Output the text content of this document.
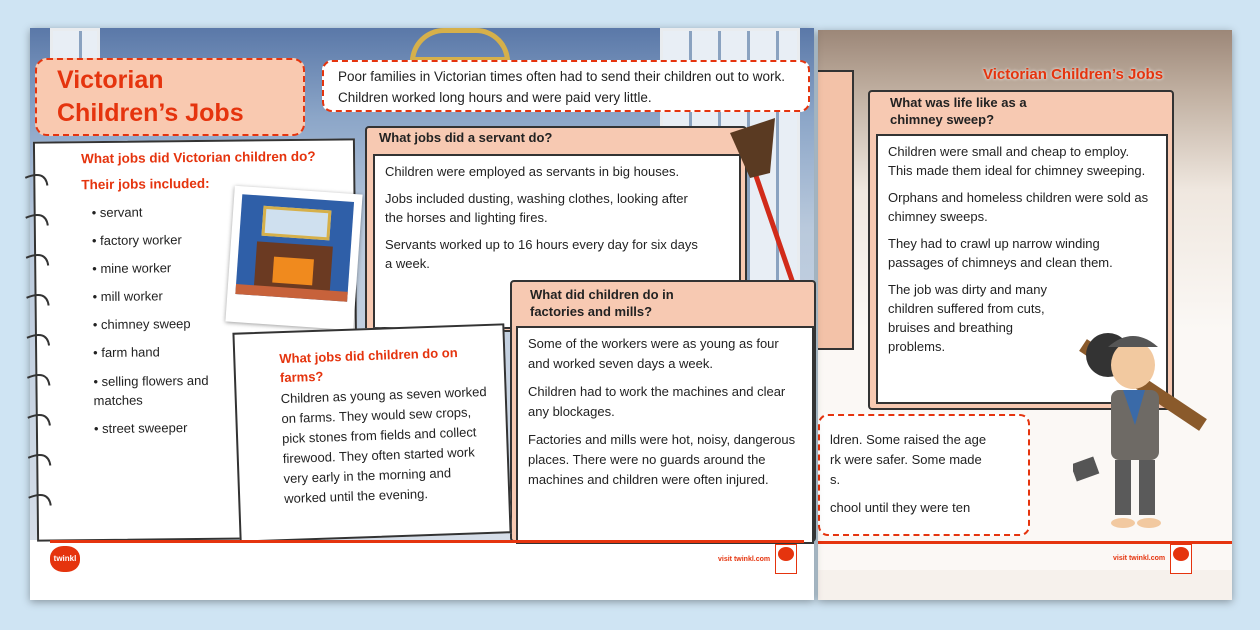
Victorian Children’s Jobs
What was life like as a chimney sweep?

Children were small and cheap to employ. This made them ideal for chimney sweeping.

Orphans and homeless children were sold as chimney sweeps.

They had to crawl up narrow winding passages of chimneys and clean them.

The job was dirty and many children suffered from cuts, bruises and breathing problems.

ldren. Some raised the age
rk were safer. Some made
s.
chool until they were ten
visit twinkl.com
Victorian
Children’s Jobs
Poor families in Victorian times often had to send their children out to work. Children worked long hours and were paid very little.
What jobs did Victorian children do?
Their jobs included:
• servant
• factory worker
• mine worker
• mill worker
• chimney sweep
• farm hand
• selling flowers and matches
• street sweeper
What jobs did a servant do?

Children were employed as servants in big houses.

Jobs included dusting, washing clothes, looking after the horses and lighting fires.

Servants worked up to 16 hours every day for six days a week.

What did children do in factories and mills?

Some of the workers were as young as four and worked seven days a week.

Children had to work the machines and clear any blockages.

Factories and mills were hot, noisy, dangerous places. There were no guards around the machines and children were often injured.

What jobs did children do on farms?
Children as young as seven worked on farms. They would sew crops, pick stones from fields and collect firewood. They often started work very early in the morning and worked until the evening.
twinkl	visit twinkl.com
